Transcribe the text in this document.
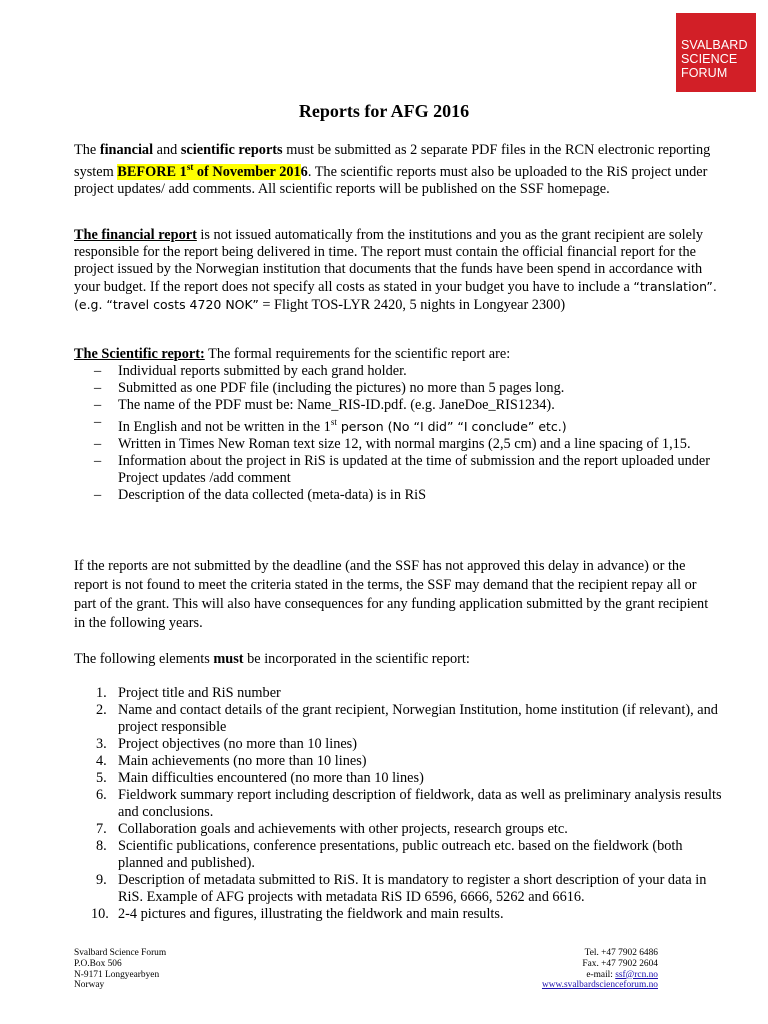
SVALBARD
SCIENCE
FORUM
Reports for AFG 2016
The financial and scientific reports must be submitted as 2 separate PDF files in the RCN electronic reporting system BEFORE 1st of November 2016. The scientific reports must also be uploaded to the RiS project under project updates/ add comments. All scientific reports will be published on the SSF homepage.
The financial report is not issued automatically from the institutions and you as the grant recipient are solely responsible for the report being delivered in time. The report must contain the official financial report for the project issued by the Norwegian institution that documents that the funds have been spend in accordance with your budget. If the report does not specify all costs as stated in your budget you have to include a “translation”. (e.g. “travel costs 4720 NOK” = Flight TOS-LYR 2420, 5 nights in Longyear 2300)
The Scientific report: The formal requirements for the scientific report are:
– Individual reports submitted by each grand holder.
– Submitted as one PDF file (including the pictures) no more than 5 pages long.
– The name of the PDF must be: Name_RIS-ID.pdf. (e.g. JaneDoe_RIS1234).
– In English and not be written in the 1st person (No “I did” “I conclude” etc.)
– Written in Times New Roman text size 12, with normal margins (2,5 cm) and a line spacing of 1,15.
– Information about the project in RiS is updated at the time of submission and the report uploaded under Project updates /add comment
– Description of the data collected (meta-data) is in RiS
If the reports are not submitted by the deadline (and the SSF has not approved this delay in advance) or the report is not found to meet the criteria stated in the terms, the SSF may demand that the recipient repay all or part of the grant. This will also have consequences for any funding application submitted by the grant recipient in the following years.
The following elements must be incorporated in the scientific report:
1. Project title and RiS number
2. Name and contact details of the grant recipient, Norwegian Institution, home institution (if relevant), and project responsible
3. Project objectives (no more than 10 lines)
4. Main achievements (no more than 10 lines)
5. Main difficulties encountered (no more than 10 lines)
6. Fieldwork summary report including description of fieldwork, data as well as preliminary analysis results and conclusions.
7. Collaboration goals and achievements with other projects, research groups etc.
8. Scientific publications, conference presentations, public outreach etc. based on the fieldwork (both planned and published).
9. Description of metadata submitted to RiS. It is mandatory to register a short description of your data in RiS. Example of AFG projects with metadata RiS ID 6596, 6666, 5262 and 6616.
10. 2-4 pictures and figures, illustrating the fieldwork and main results.
Svalbard Science Forum
P.O.Box 506
N-9171 Longyearbyen
Norway
Tel. +47 7902 6486
Fax. +47 7902 2604
e-mail: ssf@rcn.no
www.svalbardscienceforum.no
